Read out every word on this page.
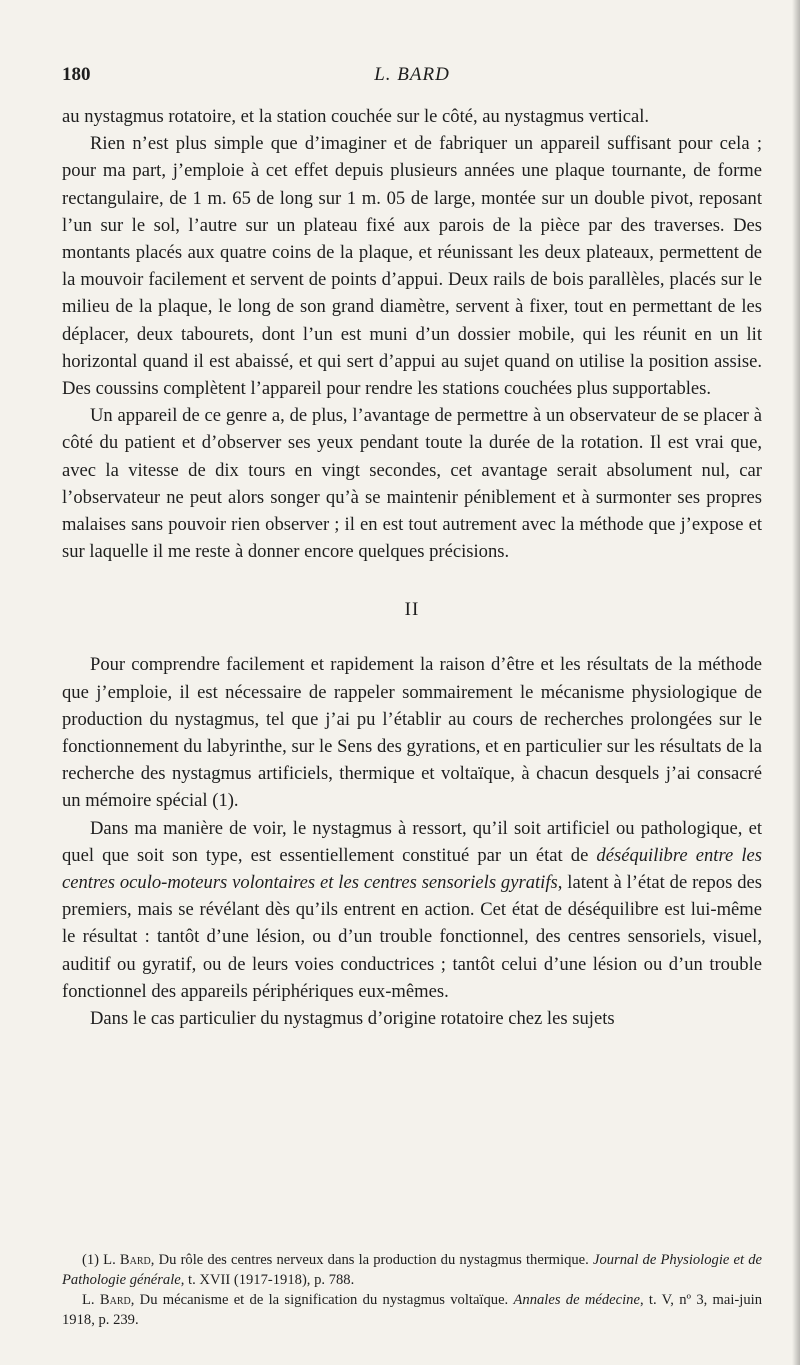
180	L. BARD

au nystagmus rotatoire, et la station couchée sur le côté, au nystagmus vertical.

Rien n’est plus simple que d’imaginer et de fabriquer un appareil suffisant pour cela ; pour ma part, j’emploie à cet effet depuis plusieurs années une plaque tournante, de forme rectangulaire, de 1 m. 65 de long sur 1 m. 05 de large, montée sur un double pivot, reposant l’un sur le sol, l’autre sur un plateau fixé aux parois de la pièce par des traverses. Des montants placés aux quatre coins de la plaque, et réunissant les deux plateaux, permettent de la mouvoir facilement et servent de points d’appui. Deux rails de bois parallèles, placés sur le milieu de la plaque, le long de son grand diamètre, servent à fixer, tout en permettant de les déplacer, deux tabourets, dont l’un est muni d’un dossier mobile, qui les réunit en un lit horizontal quand il est abaissé, et qui sert d’appui au sujet quand on utilise la position assise. Des coussins complètent l’appareil pour rendre les stations couchées plus supportables.

Un appareil de ce genre a, de plus, l’avantage de permettre à un observateur de se placer à côté du patient et d’observer ses yeux pendant toute la durée de la rotation. Il est vrai que, avec la vitesse de dix tours en vingt secondes, cet avantage serait absolument nul, car l’observateur ne peut alors songer qu’à se maintenir péniblement et à surmonter ses propres malaises sans pouvoir rien observer ; il en est tout autrement avec la méthode que j’expose et sur laquelle il me reste à donner encore quelques précisions.

II

Pour comprendre facilement et rapidement la raison d’être et les résultats de la méthode que j’emploie, il est nécessaire de rappeler sommairement le mécanisme physiologique de production du nystagmus, tel que j’ai pu l’établir au cours de recherches prolongées sur le fonctionnement du labyrinthe, sur le Sens des gyrations, et en particulier sur les résultats de la recherche des nystagmus artificiels, thermique et voltaïque, à chacun desquels j’ai consacré un mémoire spécial (1).

Dans ma manière de voir, le nystagmus à ressort, qu’il soit artificiel ou pathologique, et quel que soit son type, est essentiellement constitué par un état de déséquilibre entre les centres oculo-moteurs volontaires et les centres sensoriels gyratifs, latent à l’état de repos des premiers, mais se révélant dès qu’ils entrent en action. Cet état de déséquilibre est lui-même le résultat : tantôt d’une lésion, ou d’un trouble fonctionnel, des centres sensoriels, visuel, auditif ou gyratif, ou de leurs voies conductrices ; tantôt celui d’une lésion ou d’un trouble fonctionnel des appareils périphériques eux-mêmes.

Dans le cas particulier du nystagmus d’origine rotatoire chez les sujets

(1) L. Bard, Du rôle des centres nerveux dans la production du nystagmus thermique. Journal de Physiologie et de Pathologie générale, t. XVII (1917-1918), p. 788.

L. Bard, Du mécanisme et de la signification du nystagmus voltaïque. Annales de médecine, t. V, nº 3, mai-juin 1918, p. 239.
